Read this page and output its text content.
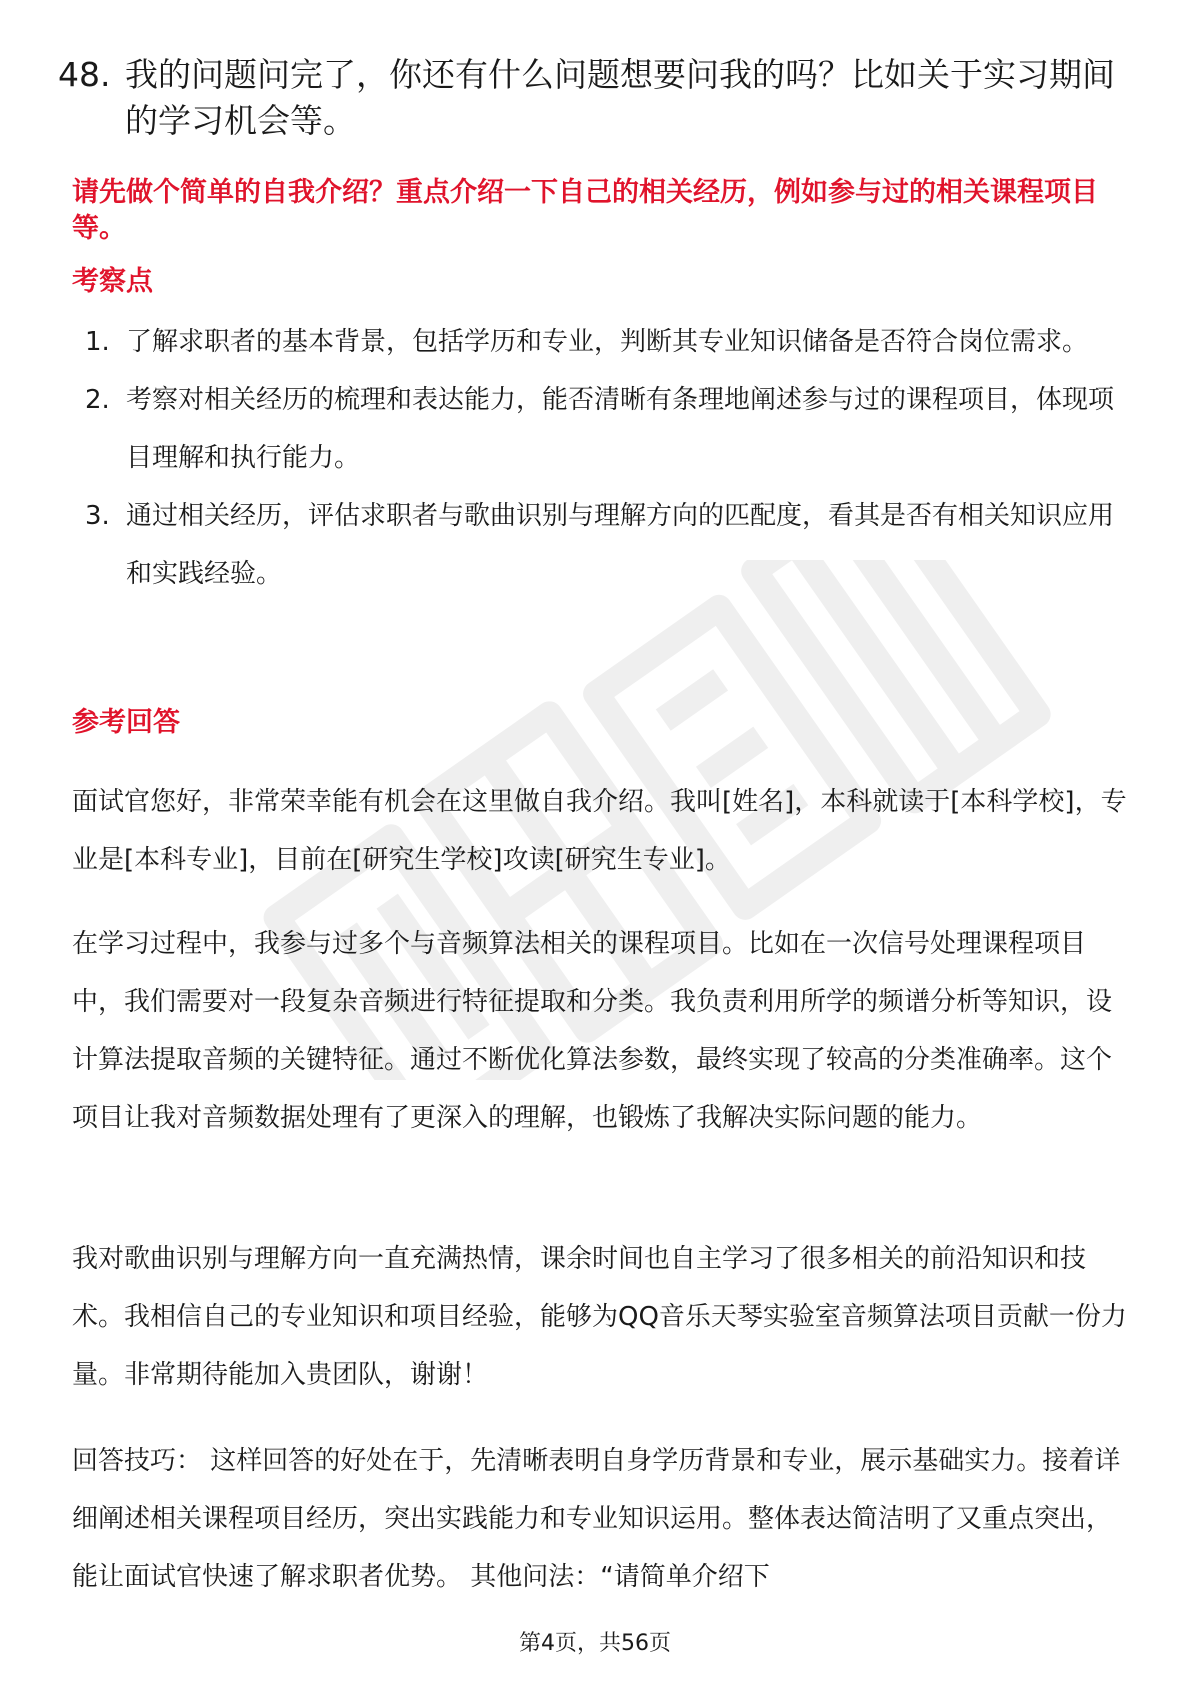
48. 我的问题问完了，你还有什么问题想要问我的吗？比如关于实习期间的学习机会等。

请先做个简单的自我介绍？重点介绍一下自己的相关经历，例如参与过的相关课程项目等。

考察点

1. 了解求职者的基本背景，包括学历和专业，判断其专业知识储备是否符合岗位需求。
2. 考察对相关经历的梳理和表达能力，能否清晰有条理地阐述参与过的课程项目，体现项目理解和执行能力。
3. 通过相关经历，评估求职者与歌曲识别与理解方向的匹配度，看其是否有相关知识应用和实践经验。

参考回答

面试官您好，非常荣幸能有机会在这里做自我介绍。我叫[姓名]，本科就读于[本科学校]，专业是[本科专业]，目前在[研究生学校]攻读[研究生专业]。

在学习过程中，我参与过多个与音频算法相关的课程项目。比如在一次信号处理课程项目中，我们需要对一段复杂音频进行特征提取和分类。我负责利用所学的频谱分析等知识，设计算法提取音频的关键特征。通过不断优化算法参数，最终实现了较高的分类准确率。这个项目让我对音频数据处理有了更深入的理解，也锻炼了我解决实际问题的能力。

我对歌曲识别与理解方向一直充满热情，课余时间也自主学习了很多相关的前沿知识和技术。我相信自己的专业知识和项目经验，能够为QQ音乐天琴实验室音频算法项目贡献一份力量。非常期待能加入贵团队，谢谢！

回答技巧： 这样回答的好处在于，先清晰表明自身学历背景和专业，展示基础实力。接着详细阐述相关课程项目经历，突出实践能力和专业知识运用。整体表达简洁明了又重点突出，能让面试官快速了解求职者优势。 其他问法：“请简单介绍下

第4页，共56页
